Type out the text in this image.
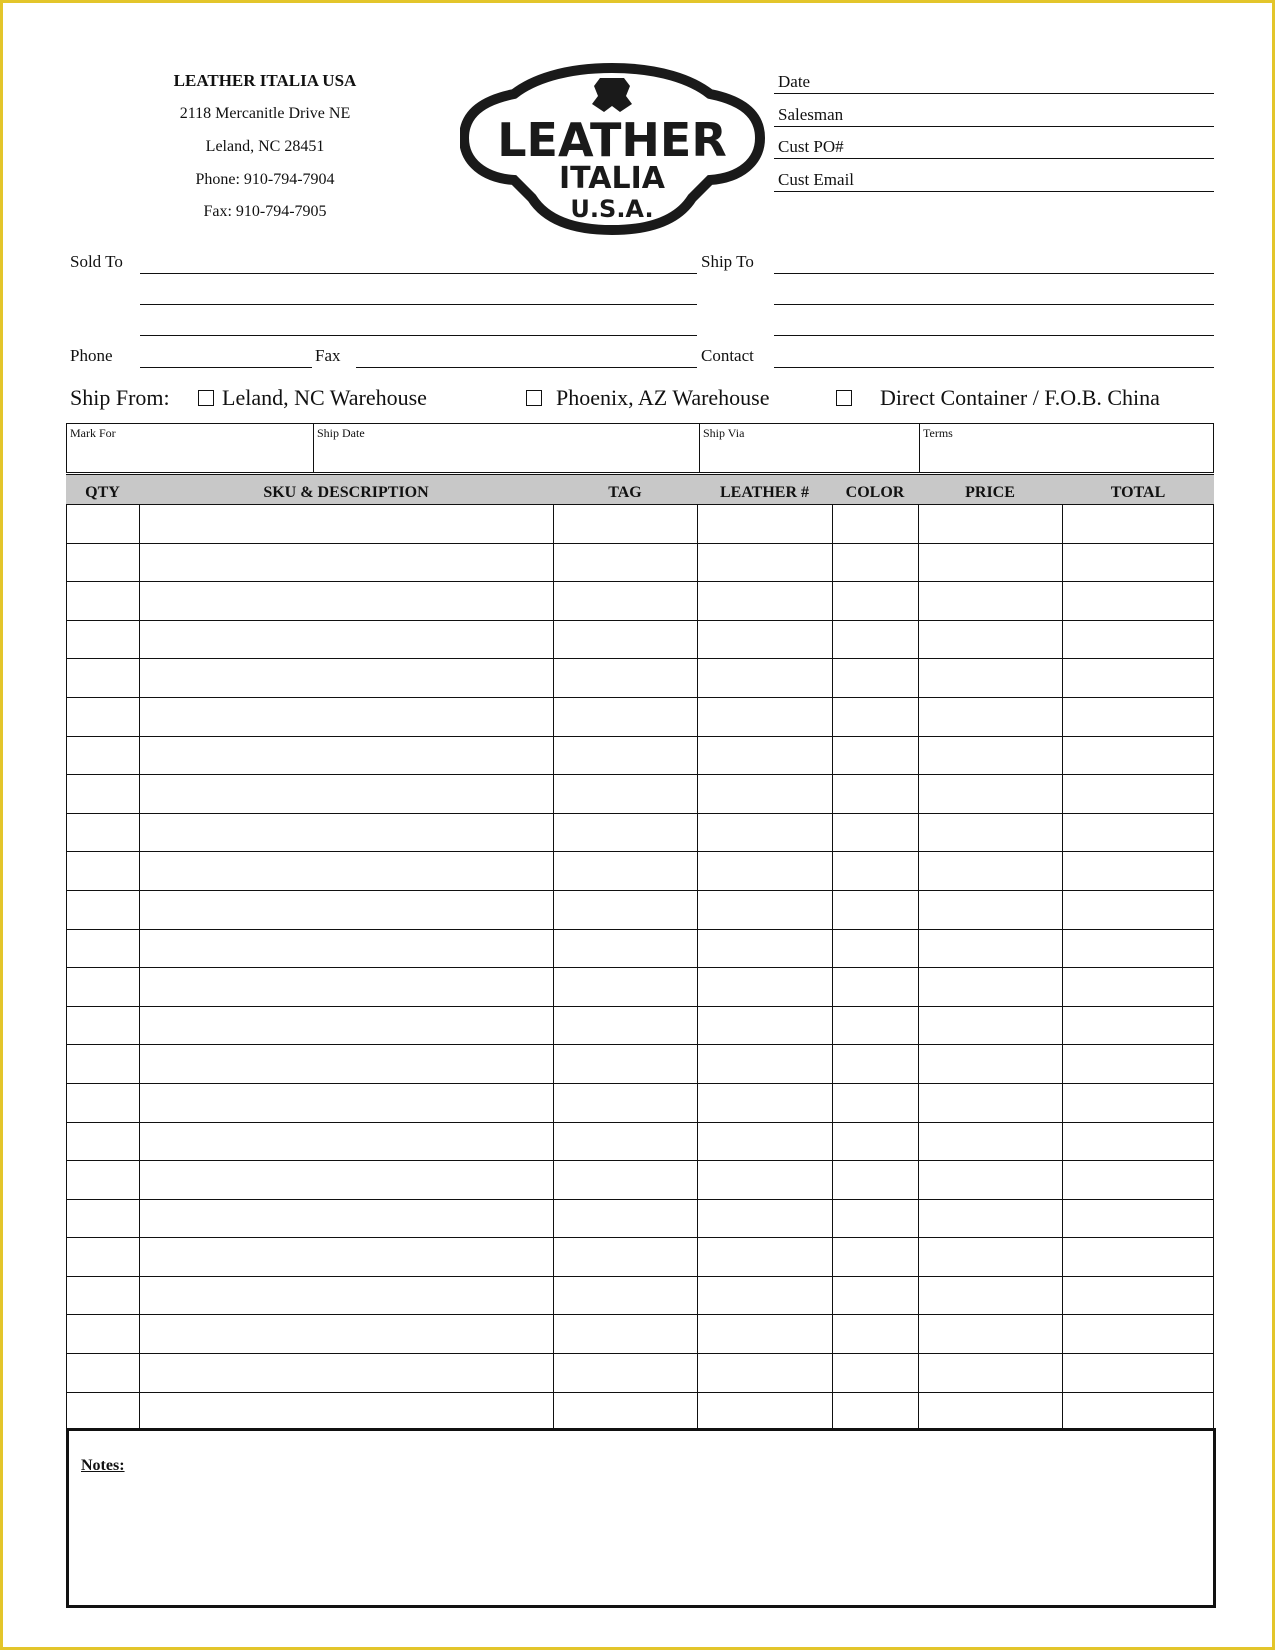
LEATHER ITALIA USA
2118 Mercanitle Drive NE
Leland, NC 28451
Phone: 910-794-7904
Fax: 910-794-7905
LEATHER
ITALIA
U.S.A.
Date
Salesman
Cust PO#
Cust Email
Sold To	Ship To
Phone	Fax	Contact
Ship From: Leland, NC Warehouse	Phoenix, AZ Warehouse	Direct Container / F.O.B. China
Mark For	Ship Date	Ship Via	Terms
QTY	SKU & DESCRIPTION	TAG	LEATHER #	COLOR	PRICE	TOTAL
Notes:
